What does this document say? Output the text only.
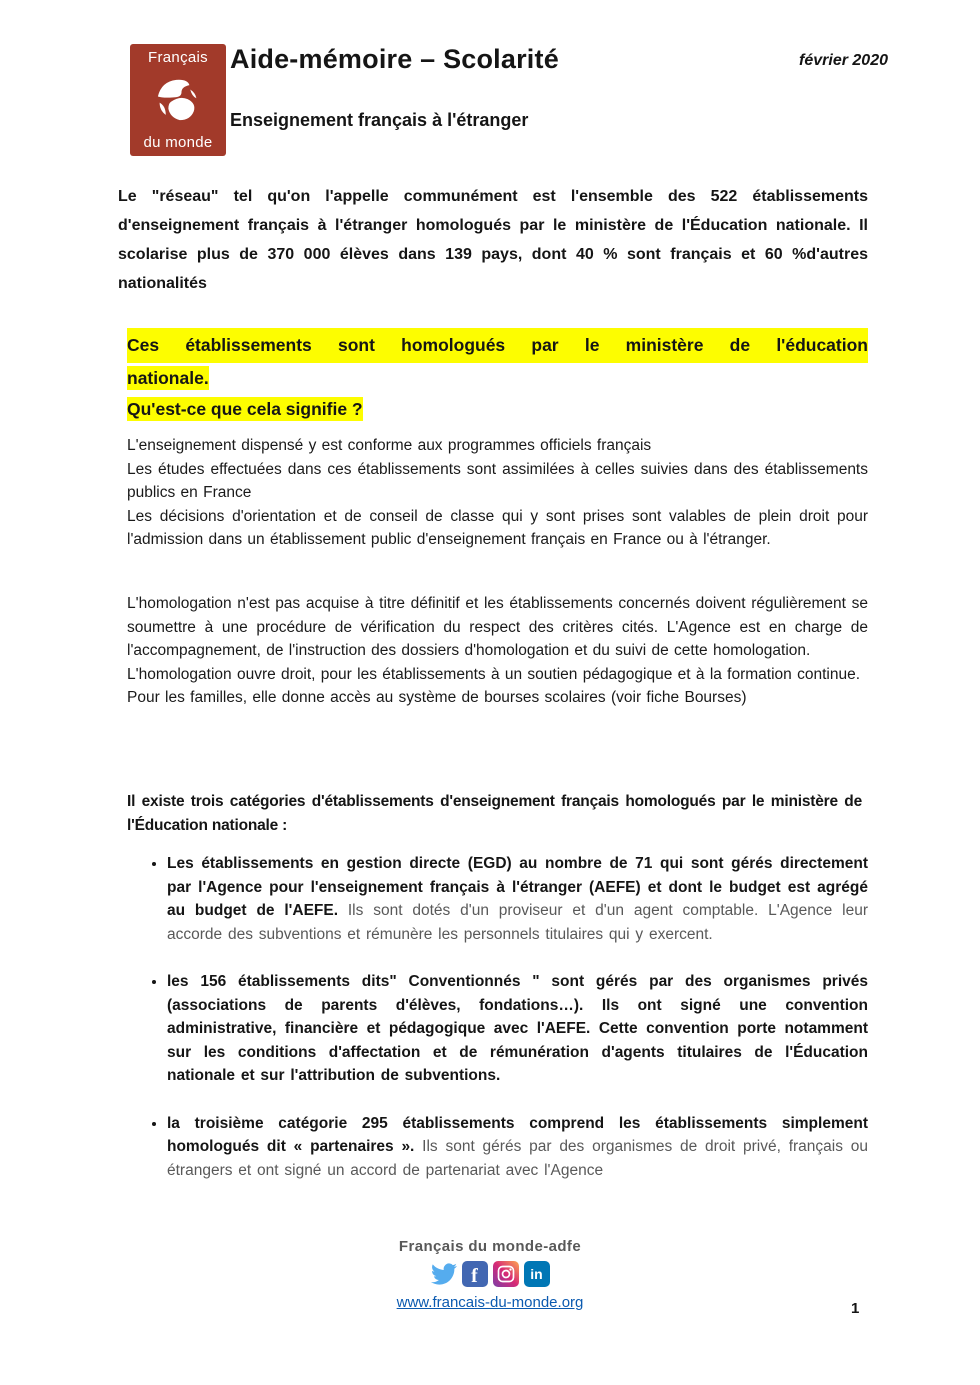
Français
du monde
Aide-mémoire – Scolarité	février 2020
Enseignement français à l'étranger
Le "réseau" tel qu'on l'appelle communément est l'ensemble des 522 établissements d'enseignement français à l'étranger homologués par le ministère de l'Éducation nationale. Il scolarise plus de 370 000 élèves dans 139 pays, dont 40 % sont français et 60 %d'autres nationalités
Ces établissements sont homologués par le ministère de l'éducation
nationale.
Qu'est-ce que cela signifie ?

L'enseignement dispensé y est conforme aux programmes officiels français

Les études effectuées dans ces établissements sont assimilées à celles suivies dans des établissements publics en France

Les décisions d'orientation et de conseil de classe qui y sont prises sont valables de plein droit pour l'admission dans un établissement public d'enseignement français en France ou à l'étranger.

L'homologation n'est pas acquise à titre définitif et les établissements concernés doivent régulièrement se soumettre à une procédure de vérification du respect des critères cités. L'Agence est en charge de l'accompagnement, de l'instruction des dossiers d'homologation et du suivi de cette homologation.

L'homologation ouvre droit, pour les établissements à un soutien pédagogique et à la formation continue.

Pour les familles, elle donne accès au système de bourses scolaires (voir fiche Bourses)

Il existe trois catégories d'établissements d'enseignement français homologués par le ministère de l'Éducation nationale :
• Les établissements en gestion directe (EGD) au nombre de 71 qui sont gérés directement par l'Agence pour l'enseignement français à l'étranger (AEFE) et dont le budget est agrégé au budget de l'AEFE. Ils sont dotés d'un proviseur et d'un agent comptable. L'Agence leur accorde des subventions et rémunère les personnels titulaires qui y exercent.
• les 156 établissements dits" Conventionnés " sont gérés par des organismes privés (associations de parents d'élèves, fondations…). Ils ont signé une convention administrative, financière et pédagogique avec l'AEFE. Cette convention porte notamment sur les conditions d'affectation et de rémunération d'agents titulaires de l'Éducation nationale et sur l'attribution de subventions.
• la troisième catégorie 295 établissements comprend les établissements simplement homologués dit « partenaires ». Ils sont gérés par des organismes de droit privé, français ou étrangers et ont signé un accord de partenariat avec l'Agence
Français du monde-adfe
f	in
www.francais-du-monde.org	1
